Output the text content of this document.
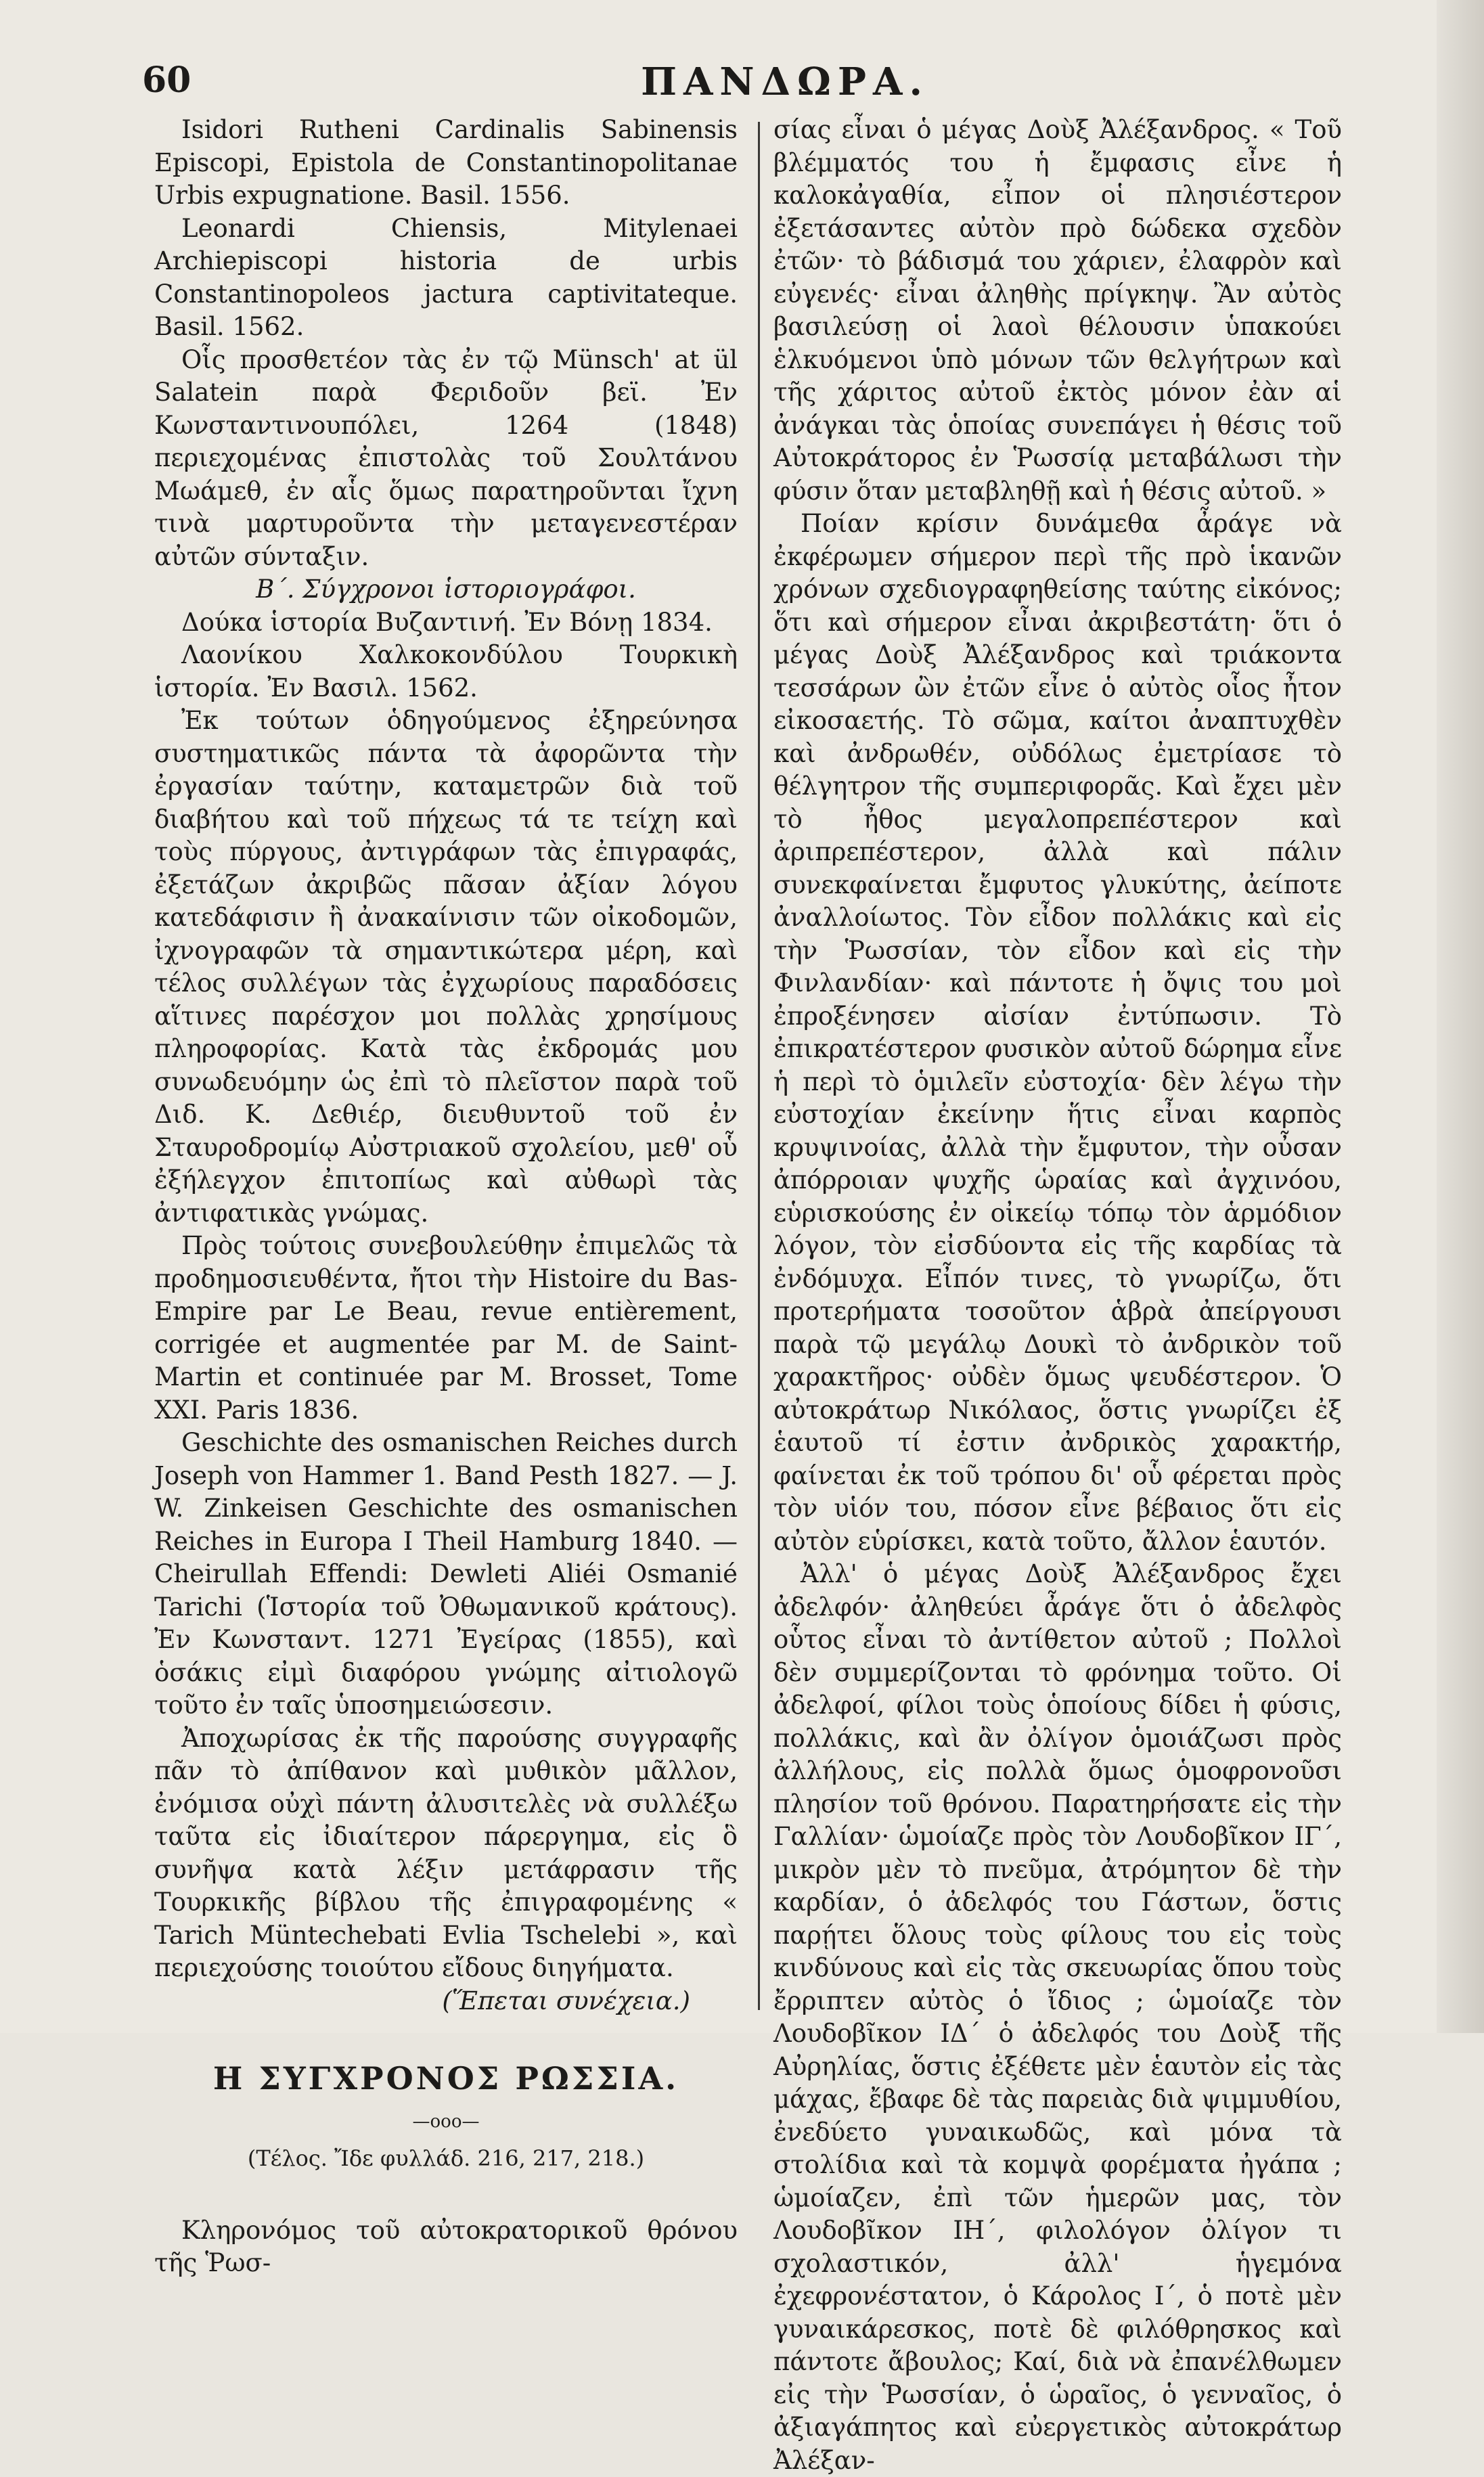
60	ΠΑΝΔΩΡΑ.

Isidori Rutheni Cardinalis Sabinensis Episcopi, Epistola de Constantinopolitanae Urbis expugnatione. Basil. 1556.

Leonardi Chiensis, Mitylenaei Archiepiscopi historia de urbis Constantinopoleos jactura captivitateque. Basil. 1562.

Οἷς προσθετέον τὰς ἐν τῷ Münsch' at ül Salatein παρὰ Φεριδοῦν βεϊ. Ἐν Κωνσταντινουπόλει, 1264 (1848) περιεχομένας ἐπιστολὰς τοῦ Σουλτάνου Μωάμεθ, ἐν αἷς ὅμως παρατηροῦνται ἴχνη τινὰ μαρτυροῦντα τὴν μεταγενεστέραν αὐτῶν σύνταξιν.

Β΄. Σύγχρονοι ἱστοριογράφοι.

Δούκα ἱστορία Βυζαντινή. Ἐν Βόνῃ 1834.

Λαονίκου Χαλκοκονδύλου Τουρκικὴ ἱστορία. Ἐν Βασιλ. 1562.

Ἐκ τούτων ὁδηγούμενος ἐξηρεύνησα συστηματικῶς πάντα τὰ ἀφορῶντα τὴν ἐργασίαν ταύτην, καταμετρῶν διὰ τοῦ διαβήτου καὶ τοῦ πήχεως τά τε τείχη καὶ τοὺς πύργους, ἀντιγράφων τὰς ἐπιγραφάς, ἐξετάζων ἀκριβῶς πᾶσαν ἀξίαν λόγου κατεδάφισιν ἢ ἀνακαίνισιν τῶν οἰκοδομῶν, ἰχνογραφῶν τὰ σημαντικώτερα μέρη, καὶ τέλος συλλέγων τὰς ἐγχωρίους παραδόσεις αἵτινες παρέσχον μοι πολλὰς χρησίμους πληροφορίας. Κατὰ τὰς ἐκδρομάς μου συνωδευόμην ὡς ἐπὶ τὸ πλεῖστον παρὰ τοῦ Διδ. Κ. Δεθιέρ, διευθυντοῦ τοῦ ἐν Σταυροδρομίῳ Αὐστριακοῦ σχολείου, μεθ' οὗ ἐξήλεγχον ἐπιτοπίως καὶ αὐθωρὶ τὰς ἀντιφατικὰς γνώμας.

Πρὸς τούτοις συνεβουλεύθην ἐπιμελῶς τὰ προδημοσιευθέντα, ἤτοι τὴν Histoire du Bas-Empire par Le Beau, revue entièrement, corrigée et augmentée par M. de Saint-Martin et continuée par M. Brosset, Tome XXI. Paris 1836.

Geschichte des osmanischen Reiches durch Joseph von Hammer 1. Band Pesth 1827. — J. W. Zinkeisen Geschichte des osmanischen Reiches in Europa I Theil Hamburg 1840. — Cheirullah Effendi: Dewleti Aliéi Osmanié Tarichi (Ἱστορία τοῦ Ὀθωμανικοῦ κράτους). Ἐν Κωνσταντ. 1271 Ἐγείρας (1855), καὶ ὁσάκις εἰμὶ διαφόρου γνώμης αἰτιολογῶ τοῦτο ἐν ταῖς ὑποσημειώσεσιν.

Ἀποχωρίσας ἐκ τῆς παρούσης συγγραφῆς πᾶν τὸ ἀπίθανον καὶ μυθικὸν μᾶλλον, ἐνόμισα οὐχὶ πάντη ἀλυσιτελὲς νὰ συλλέξω ταῦτα εἰς ἰδιαίτερον πάρεργημα, εἰς ὃ συνῆψα κατὰ λέξιν μετάφρασιν τῆς Τουρκικῆς βίβλου τῆς ἐπιγραφομένης « Tarich Müntechebati Evlia Tschelebi », καὶ περιεχούσης τοιούτου εἴδους διηγήματα.

(Ἕπεται συνέχεια.)

Η ΣΥΓΧΡΟΝΟΣ ΡΩΣΣΙΑ.

—ooo—

(Τέλος. Ἴδε φυλλάδ. 216, 217, 218.)

Κληρονόμος τοῦ αὐτοκρατορικοῦ θρόνου τῆς Ῥωσ-

σίας εἶναι ὁ μέγας Δοὺξ Ἀλέξανδρος. « Τοῦ βλέμματός του ἡ ἔμφασις εἶνε ἡ καλοκἀγαθία, εἶπον οἱ πλησιέστερον ἐξετάσαντες αὐτὸν πρὸ δώδεκα σχεδὸν ἐτῶν· τὸ βάδισμά του χάριεν, ἐλαφρὸν καὶ εὐγενές· εἶναι ἀληθὴς πρίγκηψ. Ἂν αὐτὸς βασιλεύσῃ οἱ λαοὶ θέλουσιν ὑπακούει ἑλκυόμενοι ὑπὸ μόνων τῶν θελγήτρων καὶ τῆς χάριτος αὐτοῦ ἐκτὸς μόνον ἐὰν αἱ ἀνάγκαι τὰς ὁποίας συνεπάγει ἡ θέσις τοῦ Αὐτοκράτορος ἐν Ῥωσσίᾳ μεταβάλωσι τὴν φύσιν ὅταν μεταβληθῇ καὶ ἡ θέσις αὐτοῦ. »

Ποίαν κρίσιν δυνάμεθα ἆράγε νὰ ἐκφέρωμεν σήμερον περὶ τῆς πρὸ ἱκανῶν χρόνων σχεδιογραφηθείσης ταύτης εἰκόνος; ὅτι καὶ σήμερον εἶναι ἀκριβεστάτη· ὅτι ὁ μέγας Δοὺξ Ἀλέξανδρος καὶ τριάκοντα τεσσάρων ὢν ἐτῶν εἶνε ὁ αὐτὸς οἷος ἦτον εἰκοσαετής. Τὸ σῶμα, καίτοι ἀναπτυχθὲν καὶ ἀνδρωθέν, οὐδόλως ἐμετρίασε τὸ θέλγητρον τῆς συμπεριφορᾶς. Καὶ ἔχει μὲν τὸ ἦθος μεγαλοπρεπέστερον καὶ ἀριπρεπέστερον, ἀλλὰ καὶ πάλιν συνεκφαίνεται ἔμφυτος γλυκύτης, ἀείποτε ἀναλλοίωτος. Τὸν εἶδον πολλάκις καὶ εἰς τὴν Ῥωσσίαν, τὸν εἶδον καὶ εἰς τὴν Φινλανδίαν· καὶ πάντοτε ἡ ὄψις του μοὶ ἐπροξένησεν αἰσίαν ἐντύπωσιν. Τὸ ἐπικρατέστερον φυσικὸν αὐτοῦ δώρημα εἶνε ἡ περὶ τὸ ὁμιλεῖν εὐστοχία· δὲν λέγω τὴν εὐστοχίαν ἐκείνην ἥτις εἶναι καρπὸς κρυψινοίας, ἀλλὰ τὴν ἔμφυτον, τὴν οὖσαν ἀπόρροιαν ψυχῆς ὡραίας καὶ ἀγχινόου, εὑρισκούσης ἐν οἰκείῳ τόπῳ τὸν ἁρμόδιον λόγον, τὸν εἰσδύοντα εἰς τῆς καρδίας τὰ ἐνδόμυχα. Εἶπόν τινες, τὸ γνωρίζω, ὅτι προτερήματα τοσοῦτον ἁβρὰ ἀπείργουσι παρὰ τῷ μεγάλῳ Δουκὶ τὸ ἀνδρικὸν τοῦ χαρακτῆρος· οὐδὲν ὅμως ψευδέστερον. Ὁ αὐτοκράτωρ Νικόλαος, ὅστις γνωρίζει ἐξ ἑαυτοῦ τί ἐστιν ἀνδρικὸς χαρακτήρ, φαίνεται ἐκ τοῦ τρόπου δι' οὗ φέρεται πρὸς τὸν υἱόν του, πόσον εἶνε βέβαιος ὅτι εἰς αὐτὸν εὑρίσκει, κατὰ τοῦτο, ἄλλον ἑαυτόν.

Ἀλλ' ὁ μέγας Δοὺξ Ἀλέξανδρος ἔχει ἀδελφόν· ἀληθεύει ἆράγε ὅτι ὁ ἀδελφὸς οὗτος εἶναι τὸ ἀντίθετον αὐτοῦ ; Πολλοὶ δὲν συμμερίζονται τὸ φρόνημα τοῦτο. Οἱ ἀδελφοί, φίλοι τοὺς ὁποίους δίδει ἡ φύσις, πολλάκις, καὶ ἂν ὀλίγον ὁμοιάζωσι πρὸς ἀλλήλους, εἰς πολλὰ ὅμως ὁμοφρονοῦσι πλησίον τοῦ θρόνου. Παρατηρήσατε εἰς τὴν Γαλλίαν· ὡμοίαζε πρὸς τὸν Λουδοβῖκον ΙΓ΄, μικρὸν μὲν τὸ πνεῦμα, ἀτρόμητον δὲ τὴν καρδίαν, ὁ ἀδελφός του Γάστων, ὅστις παρῄτει ὅλους τοὺς φίλους του εἰς τοὺς κινδύνους καὶ εἰς τὰς σκευωρίας ὅπου τοὺς ἔρριπτεν αὐτὸς ὁ ἴδιος ; ὡμοίαζε τὸν Λουδοβῖκον ΙΔ΄ ὁ ἀδελφός του Δοὺξ τῆς Αὐρηλίας, ὅστις ἐξέθετε μὲν ἑαυτὸν εἰς τὰς μάχας, ἔβαφε δὲ τὰς παρειὰς διὰ ψιμμυθίου, ἐνεδύετο γυναικωδῶς, καὶ μόνα τὰ στολίδια καὶ τὰ κομψὰ φορέματα ἠγάπα ; ὡμοίαζεν, ἐπὶ τῶν ἡμερῶν μας, τὸν Λουδοβῖκον ΙΗ΄, φιλολόγον ὀλίγον τι σχολαστικόν, ἀλλ' ἡγεμόνα ἐχεφρονέστατον, ὁ Κάρολος Ι΄, ὁ ποτὲ μὲν γυναικάρεσκος, ποτὲ δὲ φιλόθρησκος καὶ πάντοτε ἄβουλος; Καί, διὰ νὰ ἐπανέλθωμεν εἰς τὴν Ῥωσσίαν, ὁ ὡραῖος, ὁ γενναῖος, ὁ ἀξιαγάπητος καὶ εὐεργετικὸς αὐτοκράτωρ Ἀλέξαν-
